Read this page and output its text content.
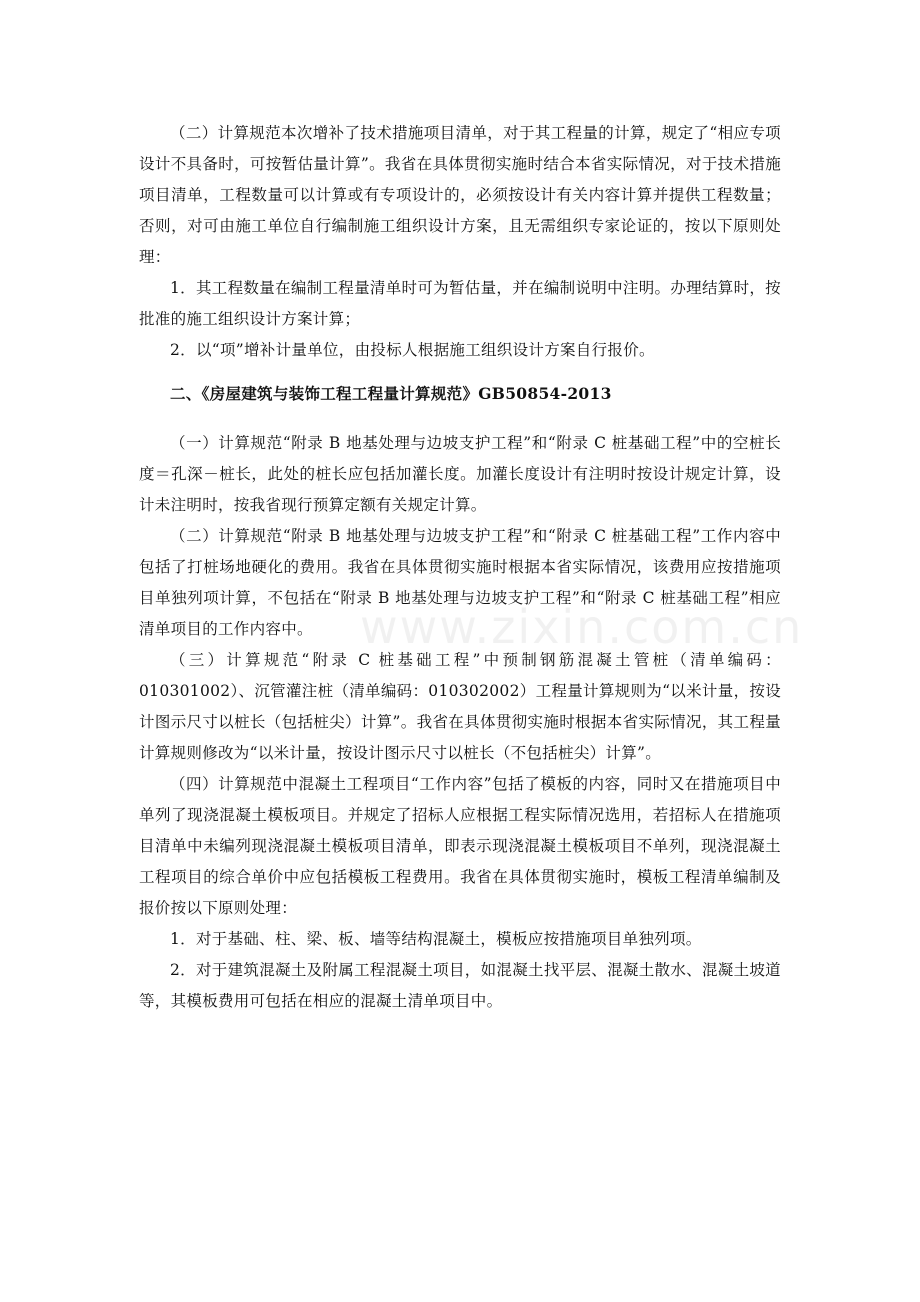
www.zixin.com.cn

（二）计算规范本次增补了技术措施项目清单，对于其工程量的计算，规定了“相应专项设计不具备时，可按暂估量计算”。我省在具体贯彻实施时结合本省实际情况，对于技术措施项目清单，工程数量可以计算或有专项设计的，必须按设计有关内容计算并提供工程数量；否则，对可由施工单位自行编制施工组织设计方案，且无需组织专家论证的，按以下原则处理：

1．其工程数量在编制工程量清单时可为暂估量，并在编制说明中注明。办理结算时，按批准的施工组织设计方案计算；

2．以“项”增补计量单位，由投标人根据施工组织设计方案自行报价。

二、《房屋建筑与装饰工程工程量计算规范》GB50854-2013

（一）计算规范“附录 B 地基处理与边坡支护工程”和“附录 C 桩基础工程”中的空桩长度＝孔深－桩长，此处的桩长应包括加灌长度。加灌长度设计有注明时按设计规定计算，设计未注明时，按我省现行预算定额有关规定计算。

（二）计算规范“附录 B 地基处理与边坡支护工程”和“附录 C 桩基础工程”工作内容中包括了打桩场地硬化的费用。我省在具体贯彻实施时根据本省实际情况，该费用应按措施项目单独列项计算，不包括在“附录 B 地基处理与边坡支护工程”和“附录 C 桩基础工程”相应清单项目的工作内容中。

（三）计算规范“附录 C 桩基础工程”中预制钢筋混凝土管桩（清单编码：010301002）、沉管灌注桩（清单编码：010302002）工程量计算规则为“以米计量，按设计图示尺寸以桩长（包括桩尖）计算”。我省在具体贯彻实施时根据本省实际情况，其工程量计算规则修改为“以米计量，按设计图示尺寸以桩长（不包括桩尖）计算”。

（四）计算规范中混凝土工程项目“工作内容”包括了模板的内容，同时又在措施项目中单列了现浇混凝土模板项目。并规定了招标人应根据工程实际情况选用，若招标人在措施项目清单中未编列现浇混凝土模板项目清单，即表示现浇混凝土模板项目不单列，现浇混凝土工程项目的综合单价中应包括模板工程费用。我省在具体贯彻实施时，模板工程清单编制及报价按以下原则处理：

1．对于基础、柱、梁、板、墙等结构混凝土，模板应按措施项目单独列项。

2．对于建筑混凝土及附属工程混凝土项目，如混凝土找平层、混凝土散水、混凝土坡道等，其模板费用可包括在相应的混凝土清单项目中。
